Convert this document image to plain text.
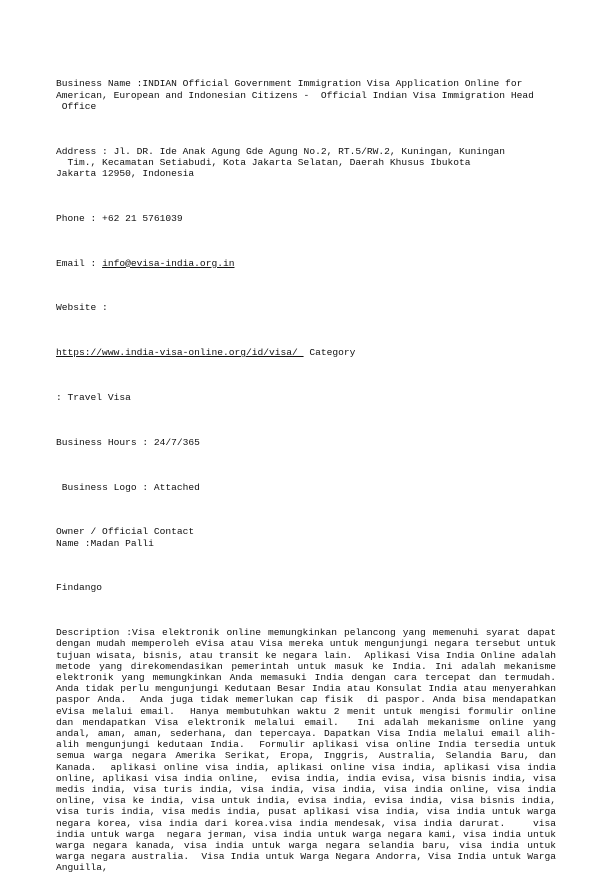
Business Name :INDIAN Official Government Immigration Visa Application Online for American, European and Indonesian Citizens -  Official Indian Visa Immigration Head
Office

Address : Jl. DR. Ide Anak Agung Gde Agung No.2, RT.5/RW.2, Kuningan, Kuningan
Tim., Kecamatan Setiabudi, Kota Jakarta Selatan, Daerah Khusus Ibukota
Jakarta 12950, Indonesia

Phone : +62 21 5761039

Email : info@evisa-india.org.in

Website :

https://www.india-visa-online.org/id/visa/  Category

: Travel Visa

Business Hours : 24/7/365

Business Logo : Attached

Owner / Official Contact
Name :Madan Palli

Findango

Description :Visa elektronik online memungkinkan pelancong yang memenuhi syarat dapat dengan mudah memperoleh eVisa atau Visa mereka untuk mengunjungi negara tersebut untuk tujuan wisata, bisnis, atau transit ke negara lain.  Aplikasi Visa India Online adalah metode yang direkomendasikan pemerintah untuk masuk ke India. Ini adalah mekanisme elektronik yang memungkinkan Anda memasuki India dengan cara tercepat dan termudah.  Anda tidak perlu mengunjungi Kedutaan Besar India atau Konsulat India atau menyerahkan paspor Anda.  Anda juga tidak memerlukan cap fisik  di paspor. Anda bisa mendapatkan eVisa melalui email.  Hanya membutuhkan waktu 2 menit untuk mengisi formulir online dan mendapatkan Visa elektronik melalui email.  Ini adalah mekanisme online yang andal, aman, aman, sederhana, dan tepercaya. Dapatkan Visa India melalui email alih-alih mengunjungi kedutaan India.  Formulir aplikasi visa online India tersedia untuk semua warga negara Amerika Serikat, Eropa, Inggris, Australia, Selandia Baru, dan Kanada.  aplikasi online visa india, aplikasi online visa india, aplikasi visa india online, aplikasi visa india online,  evisa india, india evisa, visa bisnis india, visa medis india, visa turis india, visa india, visa india, visa india online, visa india online, visa ke india, visa untuk india, evisa india, evisa india, visa bisnis india, visa turis india, visa medis india, pusat aplikasi visa india, visa india untuk warga negara korea, visa india dari korea.visa india mendesak, visa india darurat.    visa india untuk warga  negara jerman, visa india untuk warga negara kami, visa india untuk warga negara kanada, visa india untuk warga negara selandia baru, visa india untuk warga negara australia.  Visa India untuk Warga Negara Andorra, Visa India untuk Warga Anguilla,
